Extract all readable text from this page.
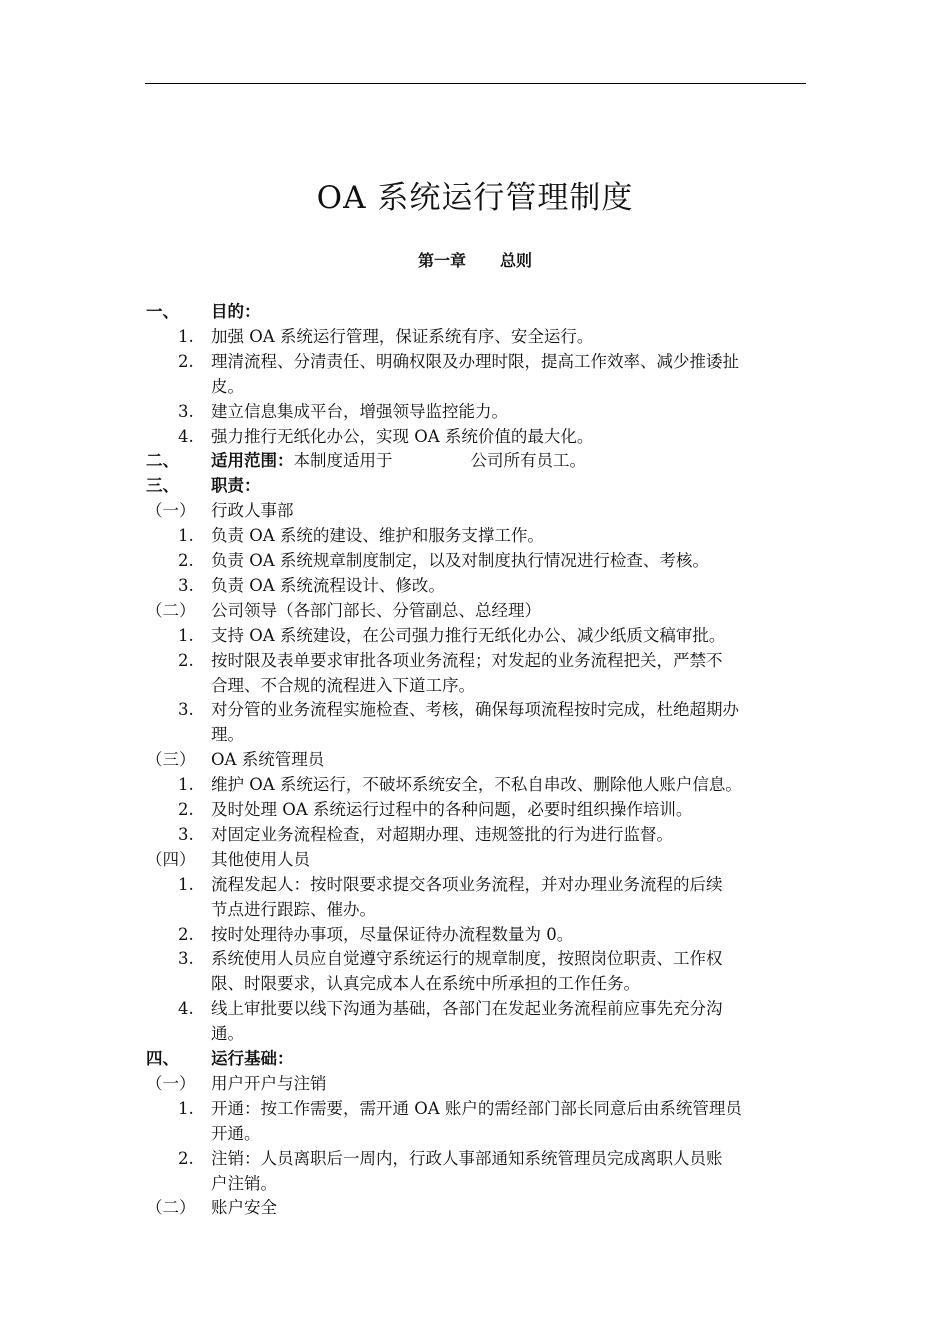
OA 系统运行管理制度
第一章 总则
一、 目的：
1. 加强 OA 系统运行管理，保证系统有序、安全运行。
2. 理清流程、分清责任、明确权限及办理时限，提高工作效率、减少推诿扯
皮。
3. 建立信息集成平台，增强领导监控能力。
4. 强力推行无纸化办公，实现 OA 系统价值的最大化。
二、 适用范围：本制度适用于	公司所有员工。
三、 职责：
（一） 行政人事部
1. 负责 OA 系统的建设、维护和服务支撑工作。
2. 负责 OA 系统规章制度制定，以及对制度执行情况进行检查、考核。
3. 负责 OA 系统流程设计、修改。
（二） 公司领导（各部门部长、分管副总、总经理）
1. 支持 OA 系统建设，在公司强力推行无纸化办公、减少纸质文稿审批。
2. 按时限及表单要求审批各项业务流程；对发起的业务流程把关，严禁不
合理、不合规的流程进入下道工序。
3. 对分管的业务流程实施检查、考核，确保每项流程按时完成，杜绝超期办
理。
（三） OA 系统管理员
1. 维护 OA 系统运行，不破坏系统安全，不私自串改、删除他人账户信息。
2. 及时处理 OA 系统运行过程中的各种问题，必要时组织操作培训。
3. 对固定业务流程检查，对超期办理、违规签批的行为进行监督。
（四） 其他使用人员
1. 流程发起人：按时限要求提交各项业务流程，并对办理业务流程的后续
节点进行跟踪、催办。
2. 按时处理待办事项，尽量保证待办流程数量为 0。
3. 系统使用人员应自觉遵守系统运行的规章制度，按照岗位职责、工作权
限、时限要求，认真完成本人在系统中所承担的工作任务。
4. 线上审批要以线下沟通为基础，各部门在发起业务流程前应事先充分沟
通。
四、 运行基础：
（一） 用户开户与注销
1. 开通：按工作需要，需开通 OA 账户的需经部门部长同意后由系统管理员
开通。
2. 注销：人员离职后一周内，行政人事部通知系统管理员完成离职人员账
户注销。
（二） 账户安全
